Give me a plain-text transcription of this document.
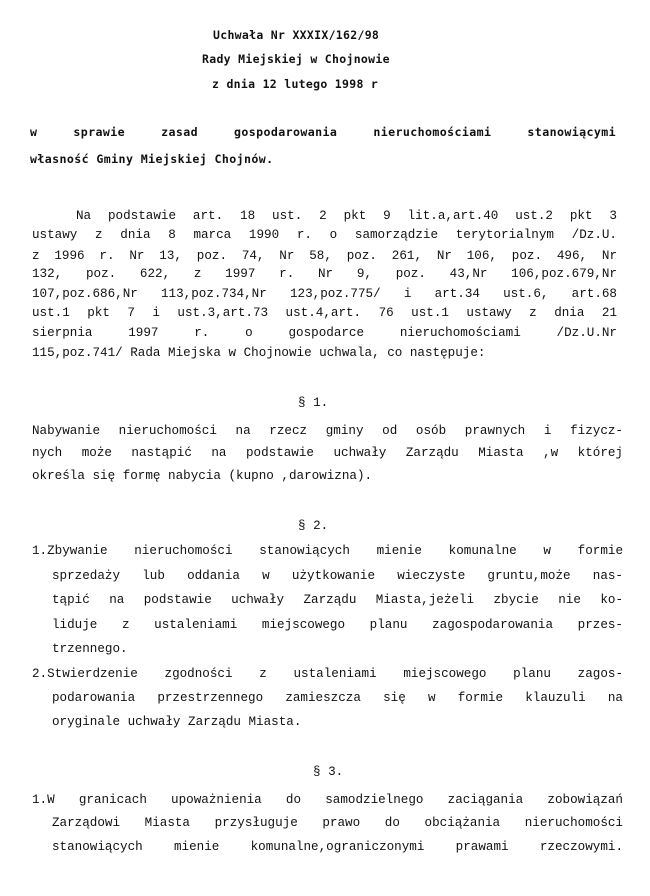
Uchwała Nr XXXIX/162/98
Rady Miejskiej w Chojnowie
z dnia 12 lutego 1998 r
w sprawie zasad gospodarowania nieruchomościami stanowiącymi
własność Gminy Miejskiej Chojnów.
Na podstawie art. 18 ust. 2 pkt 9 lit.a,art.40 ust.2 pkt 3
ustawy z dnia 8 marca 1990 r. o samorządzie terytorialnym /Dz.U.
z 1996 r. Nr 13, poz. 74, Nr 58, poz. 261, Nr 106, poz. 496, Nr
132, poz. 622, z 1997 r. Nr 9, poz. 43,Nr 106,poz.679,Nr
107,poz.686,Nr 113,poz.734,Nr 123,poz.775/ i art.34 ust.6, art.68
ust.1 pkt 7 i ust.3,art.73 ust.4,art. 76 ust.1 ustawy z dnia 21
sierpnia 1997 r. o gospodarce nieruchomościami /Dz.U.Nr
115,poz.741/ Rada Miejska w Chojnowie uchwala, co następuje:
§ 1.
Nabywanie nieruchomości na rzecz gminy od osób prawnych i fizycz-
nych może nastąpić na podstawie uchwały Zarządu Miasta ,w której
określa się formę nabycia (kupno ,darowizna).
§ 2.
1.Zbywanie nieruchomości stanowiących mienie komunalne w formie
sprzedaży lub oddania w użytkowanie wieczyste gruntu,może nas-
tąpić na podstawie uchwały Zarządu Miasta,jeżeli zbycie nie ko-
liduje z ustaleniami miejscowego planu zagospodarowania przes-
trzennego.
2.Stwierdzenie zgodności z ustaleniami miejscowego planu zagos-
podarowania przestrzennego zamieszcza się w formie klauzuli na
oryginale uchwały Zarządu Miasta.
§ 3.
1.W granicach upoważnienia do samodzielnego zaciągania zobowiązań
Zarządowi Miasta przysługuje prawo do obciążania nieruchomości
stanowiących mienie komunalne,ograniczonymi prawami rzeczowymi.
